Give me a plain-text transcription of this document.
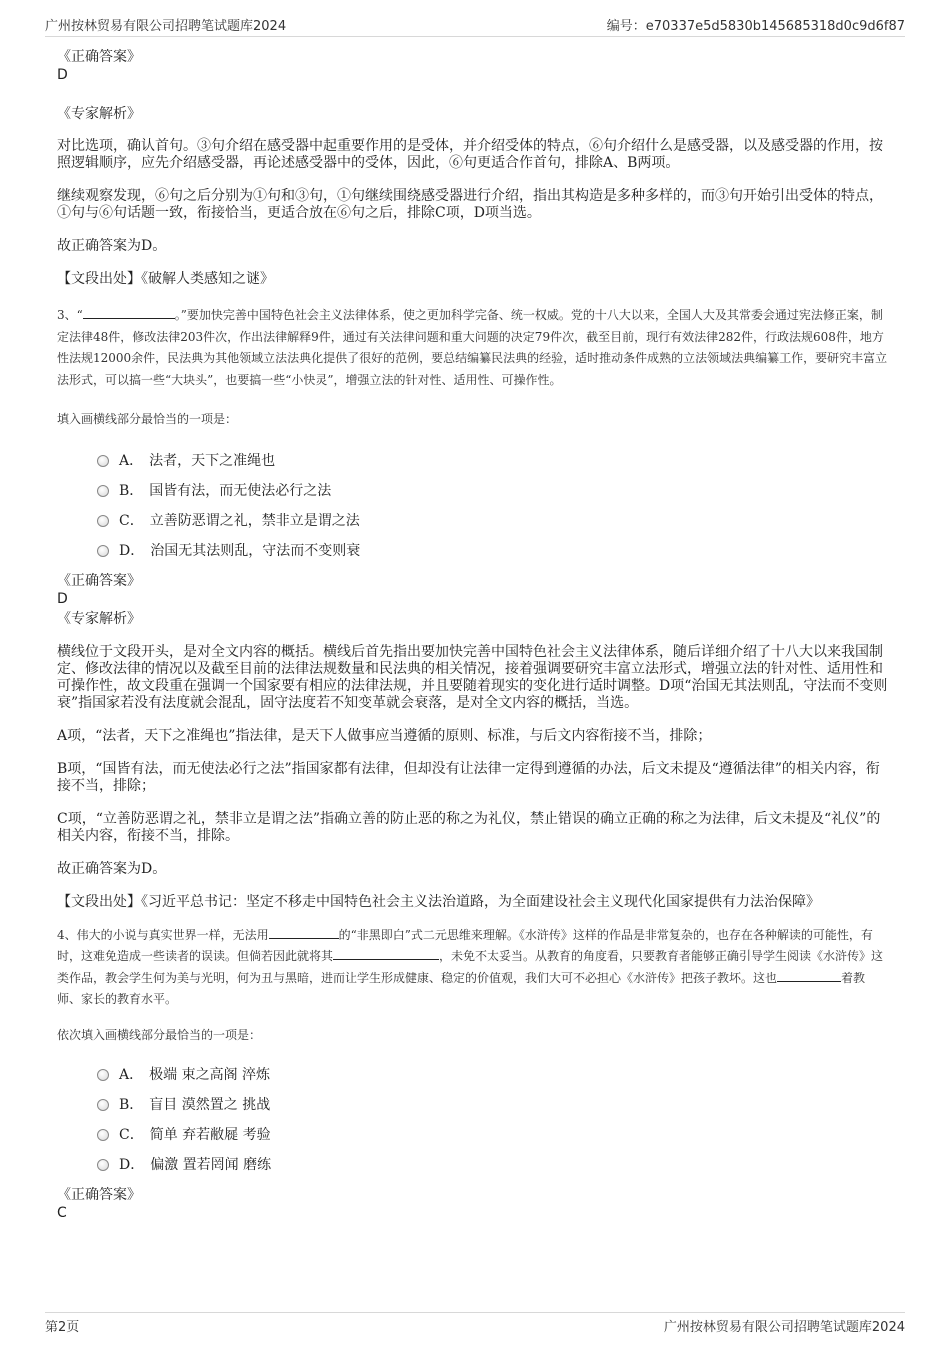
广州按林贸易有限公司招聘笔试题库2024	编号：e70337e5d5830b145685318d0c9d6f87

《正确答案》

D

《专家解析》

对比选项，确认首句。③句介绍在感受器中起重要作用的是受体，并介绍受体的特点，⑥句介绍什么是感受器，以及感受器的作用，按照逻辑顺序，应先介绍感受器，再论述感受器中的受体，因此，⑥句更适合作首句，排除A、B两项。

继续观察发现，⑥句之后分别为①句和③句，①句继续围绕感受器进行介绍，指出其构造是多种多样的，而③句开始引出受体的特点，①句与⑥句话题一致，衔接恰当，更适合放在⑥句之后，排除C项，D项当选。

故正确答案为D。

【文段出处】《破解人类感知之谜》

3、“	。”要加快完善中国特色社会主义法律体系，使之更加科学完备、统一权威。党的十八大以来，全国人大及其常委会通过宪法修正案，制定法律48件，修改法律203件次，作出法律解释9件，通过有关法律问题和重大问题的决定79件次，截至目前，现行有效法律282件，行政法规608件，地方性法规12000余件，民法典为其他领域立法法典化提供了很好的范例，要总结编纂民法典的经验，适时推动条件成熟的立法领域法典编纂工作，要研究丰富立法形式，可以搞一些“大块头”，也要搞一些“小快灵”，增强立法的针对性、适用性、可操作性。

填入画横线部分最恰当的一项是：

A． 法者，天下之准绳也
B． 国皆有法，而无使法必行之法
C． 立善防恶谓之礼，禁非立是谓之法
D． 治国无其法则乱，守法而不变则衰

《正确答案》

D

《专家解析》

横线位于文段开头，是对全文内容的概括。横线后首先指出要加快完善中国特色社会主义法律体系，随后详细介绍了十八大以来我国制定、修改法律的情况以及截至目前的法律法规数量和民法典的相关情况，接着强调要研究丰富立法形式，增强立法的针对性、适用性和可操作性，故文段重在强调一个国家要有相应的法律法规，并且要随着现实的变化进行适时调整。D项“治国无其法则乱，守法而不变则衰”指国家若没有法度就会混乱，固守法度若不知变革就会衰落，是对全文内容的概括，当选。

A项，“法者，天下之准绳也”指法律，是天下人做事应当遵循的原则、标准，与后文内容衔接不当，排除；

B项，“国皆有法，而无使法必行之法”指国家都有法律，但却没有让法律一定得到遵循的办法，后文未提及“遵循法律”的相关内容，衔接不当，排除；

C项，“立善防恶谓之礼，禁非立是谓之法”指确立善的防止恶的称之为礼仪，禁止错误的确立正确的称之为法律，后文未提及“礼仪”的相关内容，衔接不当，排除。

故正确答案为D。

【文段出处】《习近平总书记：坚定不移走中国特色社会主义法治道路，为全面建设社会主义现代化国家提供有力法治保障》

4、伟大的小说与真实世界一样，无法用	的“非黑即白”式二元思维来理解。《水浒传》这样的作品是非常复杂的，也存在各种解读的可能性，有时，这难免造成一些读者的误读。但倘若因此就将其	，未免不太妥当。从教育的角度看，只要教育者能够正确引导学生阅读《水浒传》这类作品，教会学生何为美与光明，何为丑与黑暗，进而让学生形成健康、稳定的价值观，我们大可不必担心《水浒传》把孩子教坏。这也	着教师、家长的教育水平。

依次填入画横线部分最恰当的一项是：

A． 极端 束之高阁 淬炼
B． 盲目 漠然置之 挑战
C． 简单 弃若敝屣 考验
D． 偏激 置若罔闻 磨练

《正确答案》

C

第2页	广州按林贸易有限公司招聘笔试题库2024
